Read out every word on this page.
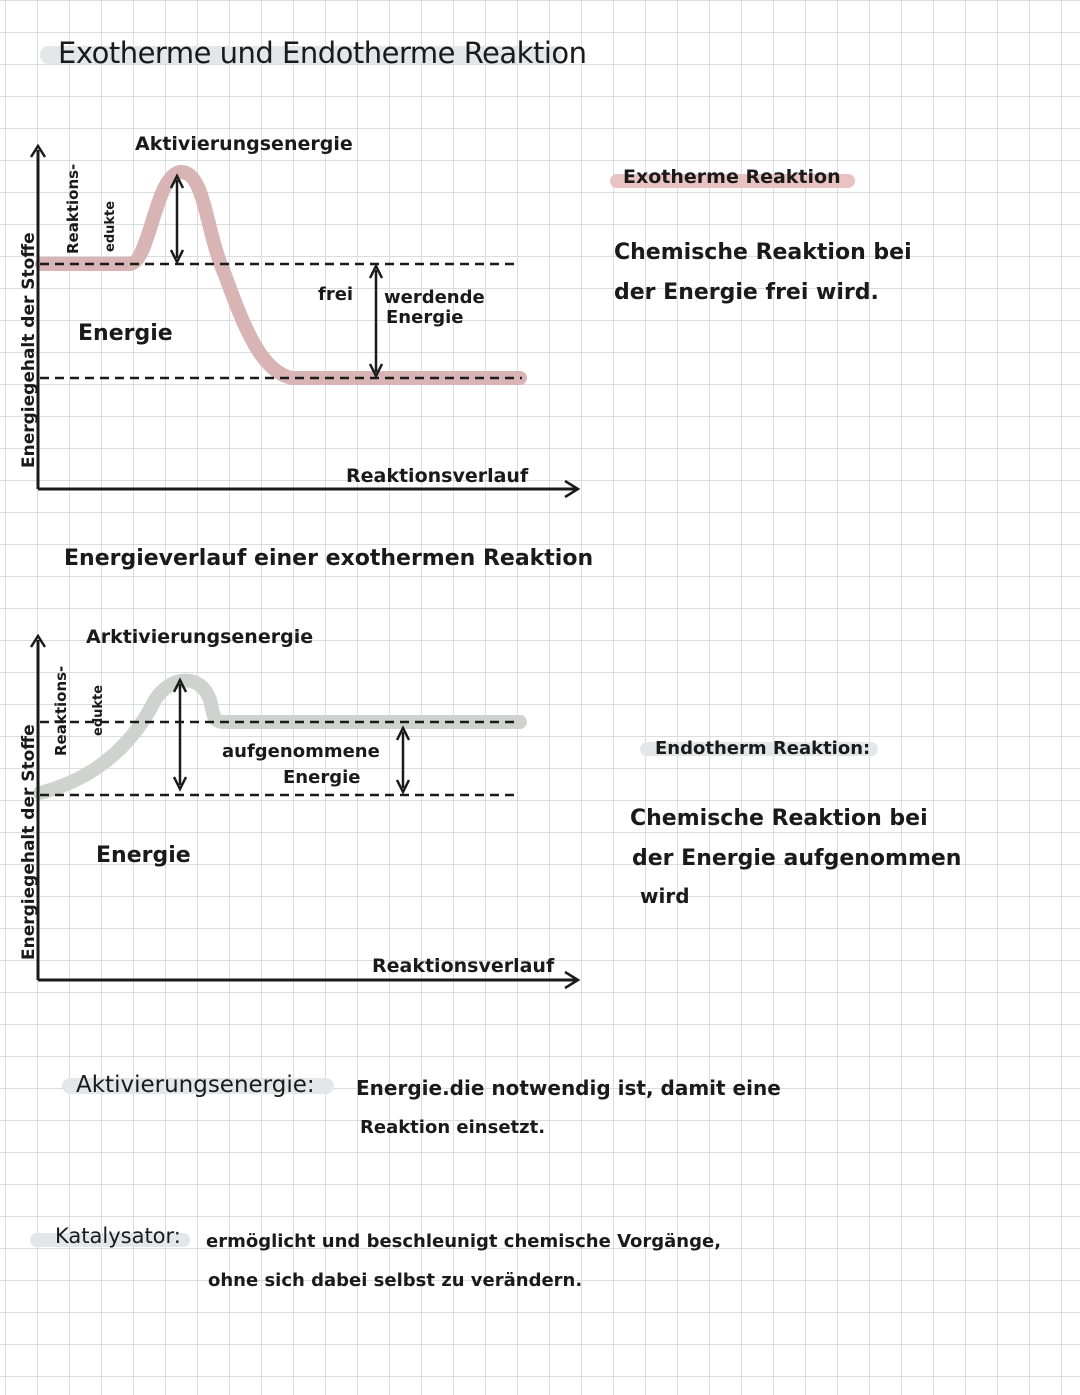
Exotherme und Endotherme Reaktion
Energiegehalt der Stoffe
Reaktions- edukte
Aktivierungsenergie
Energie
frei werdende
Energie
Reaktionsverlauf
Energieverlauf einer exothermen Reaktion
Energiegehalt der Stoffe
Reaktions- edukte
Arktivierungsenergie
aufgenommene
Energie
Energie
Reaktionsverlauf
Exotherme Reaktion
Chemische Reaktion bei
der Energie frei wird.
Endotherm Reaktion:
Chemische Reaktion bei
der Energie aufgenommen
wird
Aktivierungsenergie: Energie.die notwendig ist, damit eine
Reaktion einsetzt.
Katalysator: ermöglicht und beschleunigt chemische Vorgänge,
ohne sich dabei selbst zu verändern.
